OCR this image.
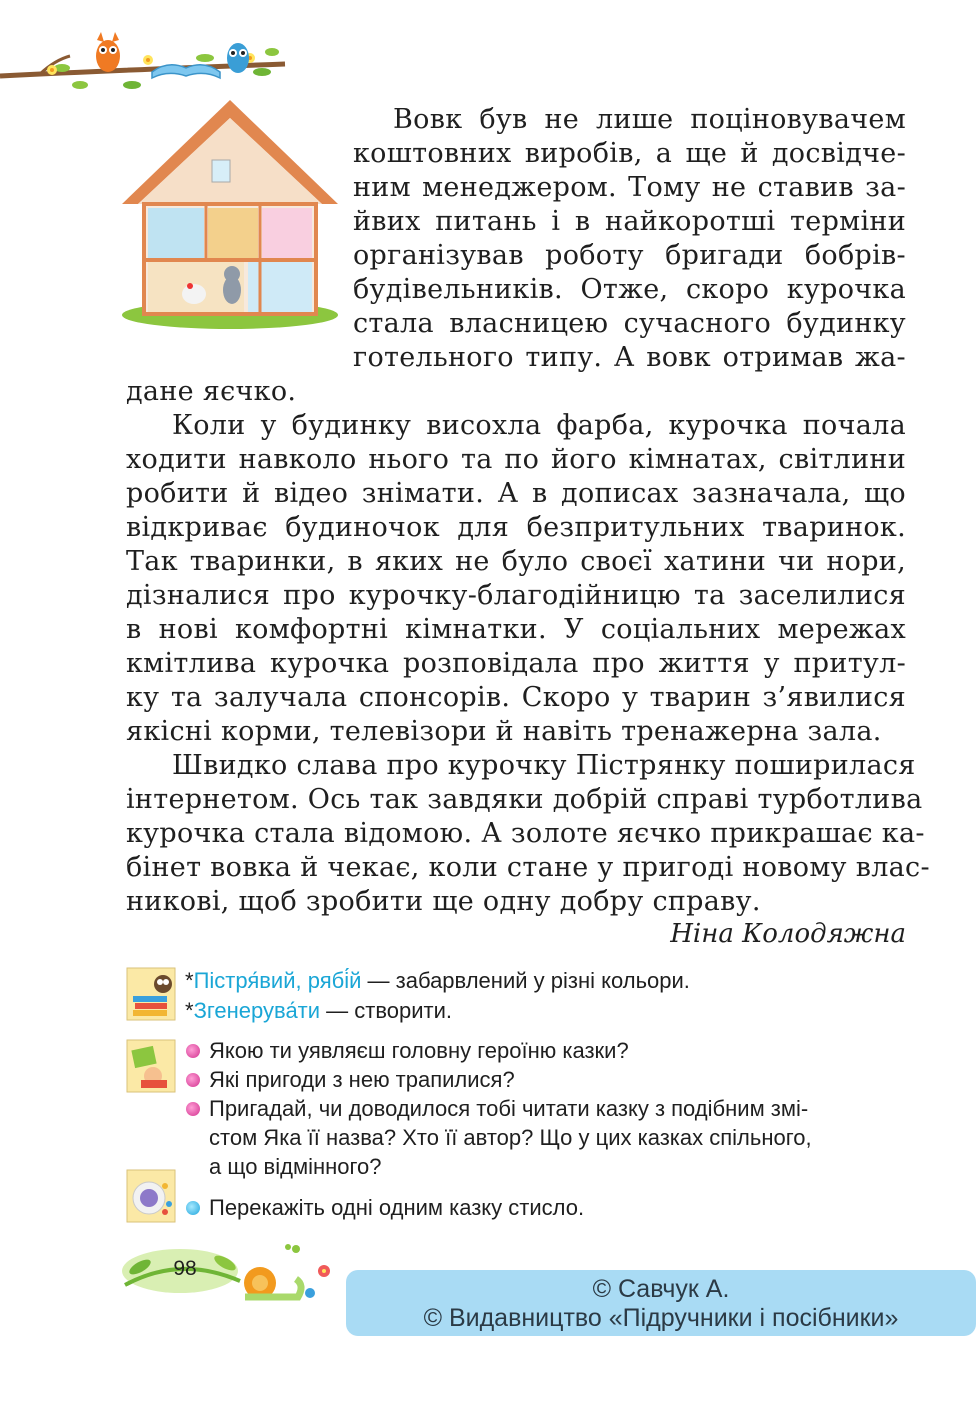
Вовк був не лише поціновувачем
коштовних виробів, а ще й досвідче-
ним менеджером. Тому не ставив за-
йвих питань і в найкоротші терміни
організував роботу бригади бобрів-
будівельників. Отже, скоро курочка
стала власницею сучасного будинку
готельного типу. А вовк отримав жа-
дане яєчко.
Коли у будинку висохла фарба, курочка почала
ходити навколо нього та по його кімнатах, світлини
робити й відео знімати. А в дописах зазначала, що
відкриває будиночок для безпритульних тваринок.
Так тваринки, в яких не було своєї хатини чи нори,
дізналися про курочку-благодійницю та заселилися
в нові комфортні кімнатки. У соціальних мережах
кмітлива курочка розповідала про життя у притул-
ку та залучала спонсорів. Скоро у тварин з’явилися
якісні корми, телевізори й навіть тренажерна зала.
Швидко слава про курочку Пістрянку поширилася
інтернетом. Ось так завдяки добрій справі турботлива
курочка стала відомою. А золоте яєчко прикрашає ка-
бінет вовка й чекає, коли стане у пригоді новому влас-
никові, щоб зробити ще одну добру справу.
Ніна Колодяжна
*Пістря́вий, рябі́й — забарвлений у різні кольори.
*Згенерува́ти — створити.
Якою ти уявляєш головну героїню казки?
Які пригоди з нею трапилися?
Пригадай, чи доводилося тобі читати казку з подібним змі-
стом Яка її назва? Хто її автор? Що у цих казках спільного,
а що відмінного?
Перекажіть одні одним казку стисло.
98
© Савчук А.
© Видавництво «Підручники і посібники»
